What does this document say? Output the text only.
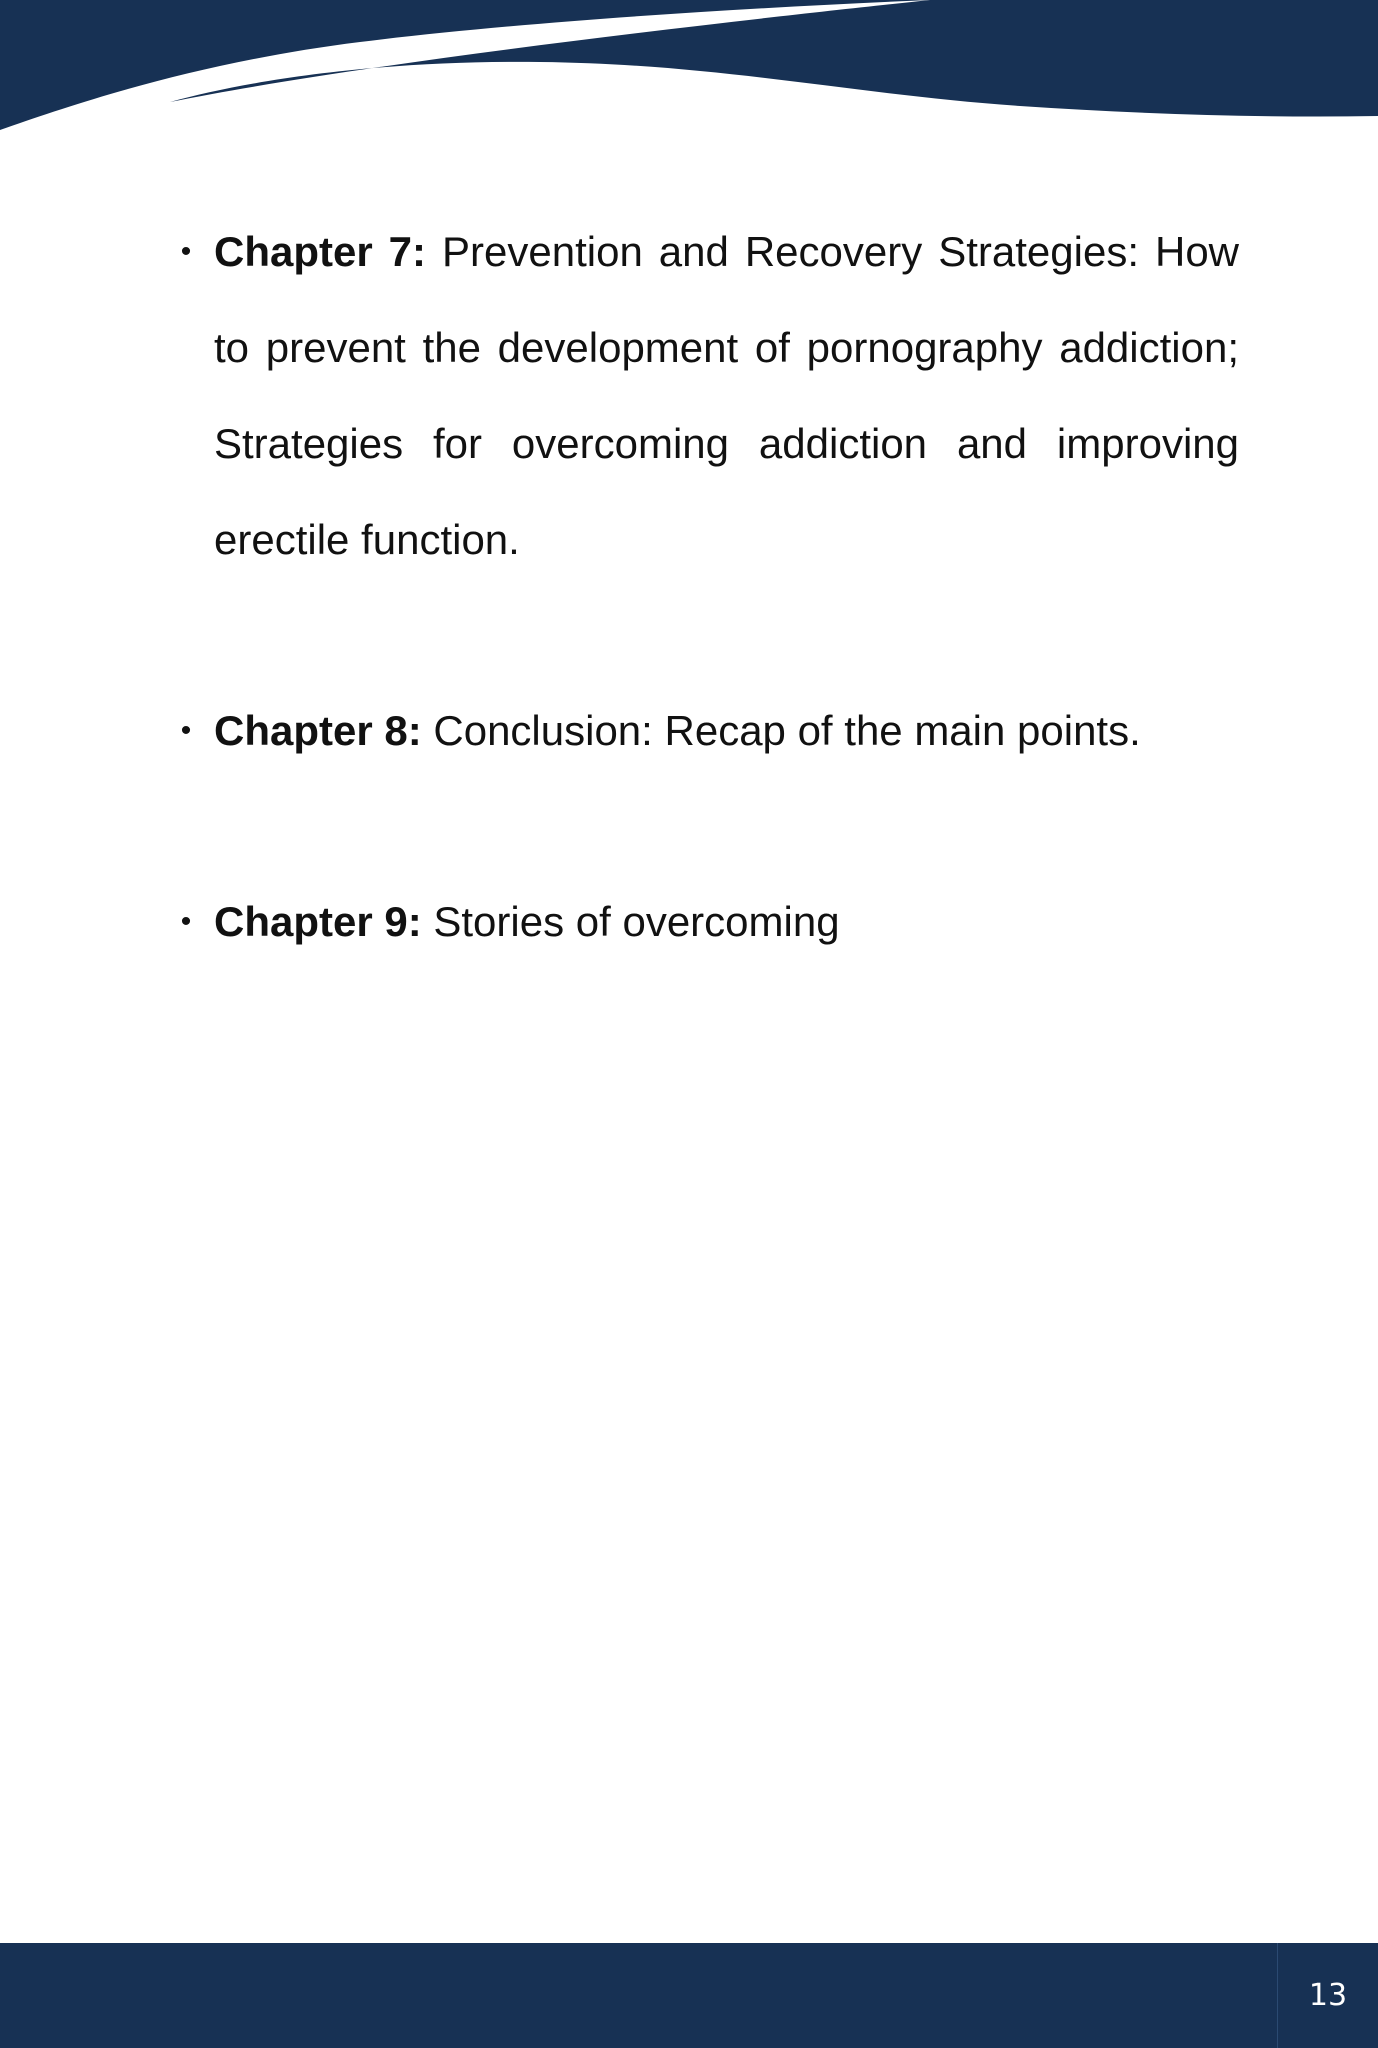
• Chapter 7: Prevention and Recovery Strategies: How to prevent the development of pornography addiction; Strategies for overcoming addiction and improving erectile function.
• Chapter 8: Conclusion: Recap of the main points.
• Chapter 9: Stories of overcoming
13
